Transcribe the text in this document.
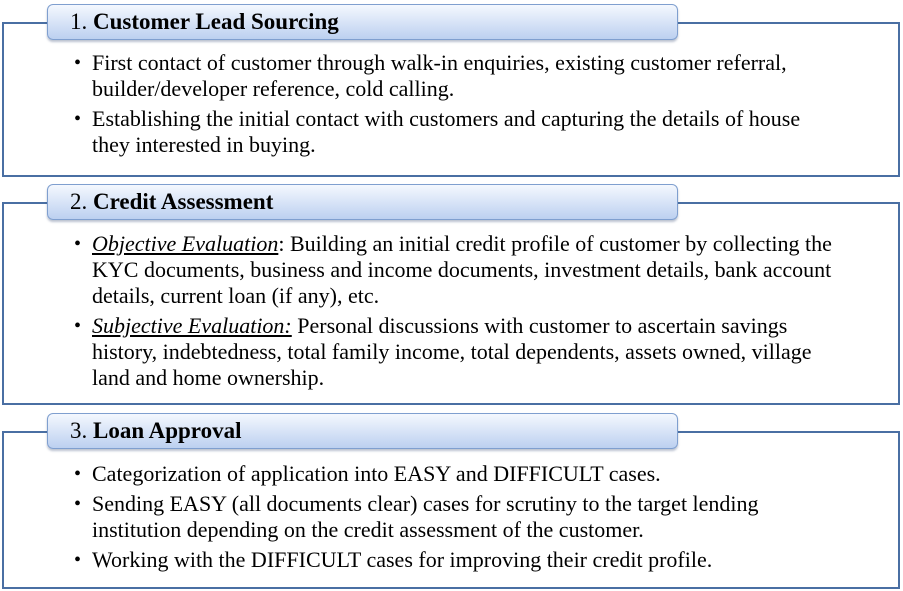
• First contact of customer through walk-in enquiries, existing customer referral, builder/developer reference, cold calling.
• Establishing the initial contact with customers and capturing the details of house they interested in buying.
1. Customer Lead Sourcing
• Objective Evaluation: Building an initial credit profile of customer by collecting the KYC documents, business and income documents, investment details, bank account details, current loan (if any), etc.
• Subjective Evaluation: Personal discussions with customer to ascertain savings history, indebtedness, total family income, total dependents, assets owned, village land and home ownership.
2. Credit Assessment
• Categorization of application into EASY and DIFFICULT cases.
• Sending EASY (all documents clear) cases for scrutiny to the target lending institution depending on the credit assessment of the customer.
• Working with the DIFFICULT cases for improving their credit profile.
3. Loan Approval
